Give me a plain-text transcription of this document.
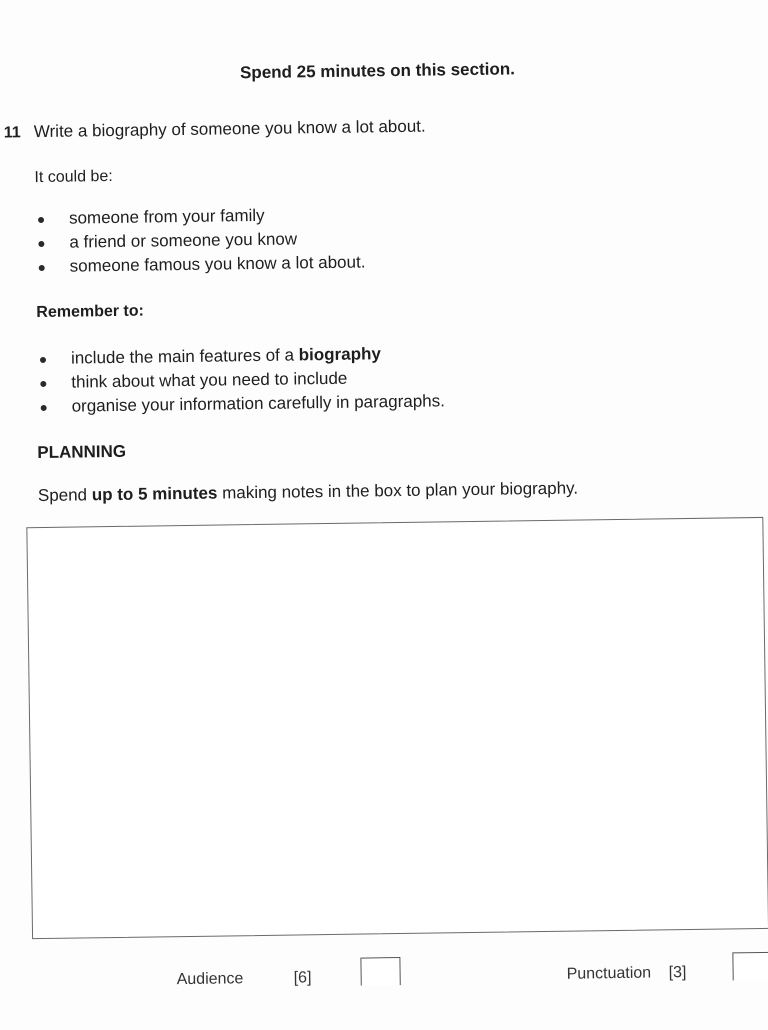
Spend 25 minutes on this section.
11 Write a biography of someone you know a lot about.
It could be:
someone from your family
a friend or someone you know
someone famous you know a lot about.
Remember to:
include the main features of a biography
think about what you need to include
organise your information carefully in paragraphs.
PLANNING
Spend up to 5 minutes making notes in the box to plan your biography.
Audience	[6]	Punctuation [3]
